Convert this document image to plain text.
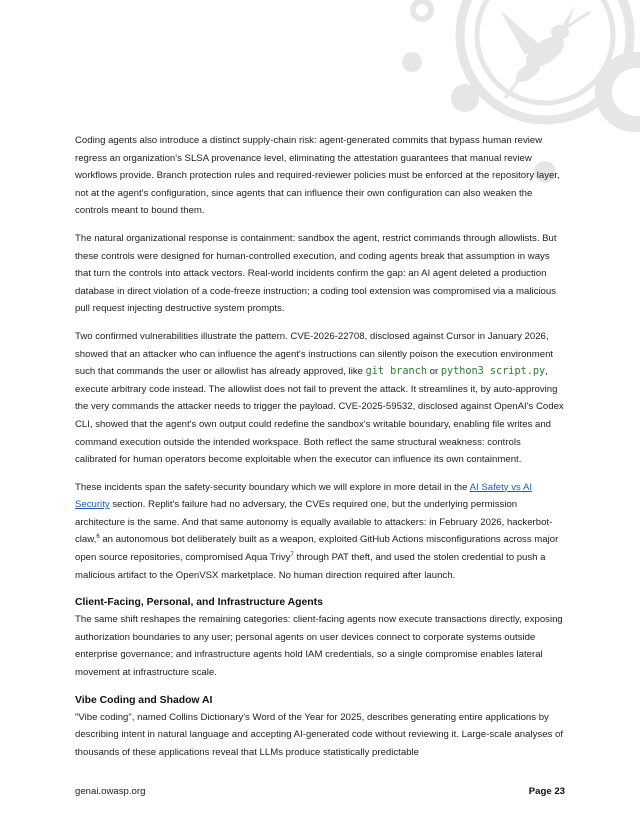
Coding agents also introduce a distinct supply-chain risk: agent-generated commits that bypass human review regress an organization's SLSA provenance level, eliminating the attestation guarantees that manual review workflows provide. Branch protection rules and required-reviewer policies must be enforced at the repository layer, not at the agent's configuration, since agents that can influence their own configuration can also weaken the controls meant to bound them.

The natural organizational response is containment: sandbox the agent, restrict commands through allowlists. But these controls were designed for human-controlled execution, and coding agents break that assumption in ways that turn the controls into attack vectors. Real-world incidents confirm the gap: an AI agent deleted a production database in direct violation of a code-freeze instruction; a coding tool extension was compromised via a malicious pull request injecting destructive system prompts.

Two confirmed vulnerabilities illustrate the pattern. CVE-2026-22708, disclosed against Cursor in January 2026, showed that an attacker who can influence the agent's instructions can silently poison the execution environment such that commands the user or allowlist has already approved, like git branch or python3 script.py, execute arbitrary code instead. The allowlist does not fail to prevent the attack. It streamlines it, by auto-approving the very commands the attacker needs to trigger the payload. CVE-2025-59532, disclosed against OpenAI's Codex CLI, showed that the agent's own output could redefine the sandbox's writable boundary, enabling file writes and command execution outside the intended workspace. Both reflect the same structural weakness: controls calibrated for human operators become exploitable when the executor can influence its own containment.

These incidents span the safety-security boundary which we will explore in more detail in the AI Safety vs AI Security section. Replit's failure had no adversary, the CVEs required one, but the underlying permission architecture is the same. And that same autonomy is equally available to attackers: in February 2026, hackerbot-claw,$^6$ an autonomous bot deliberately built as a weapon, exploited GitHub Actions misconfigurations across major open source repositories, compromised Aqua Trivy$^7$ through PAT theft, and used the stolen credential to push a malicious artifact to the OpenVSX marketplace. No human direction required after launch.

Client-Facing, Personal, and Infrastructure Agents

The same shift reshapes the remaining categories: client-facing agents now execute transactions directly, exposing authorization boundaries to any user; personal agents on user devices connect to corporate systems outside enterprise governance; and infrastructure agents hold IAM credentials, so a single compromise enables lateral movement at infrastructure scale.

Vibe Coding and Shadow AI

"Vibe coding", named Collins Dictionary's Word of the Year for 2025, describes generating entire applications by describing intent in natural language and accepting AI-generated code without reviewing it. Large-scale analyses of thousands of these applications reveal that LLMs produce statistically predictable

genai.owasp.org	Page 23
